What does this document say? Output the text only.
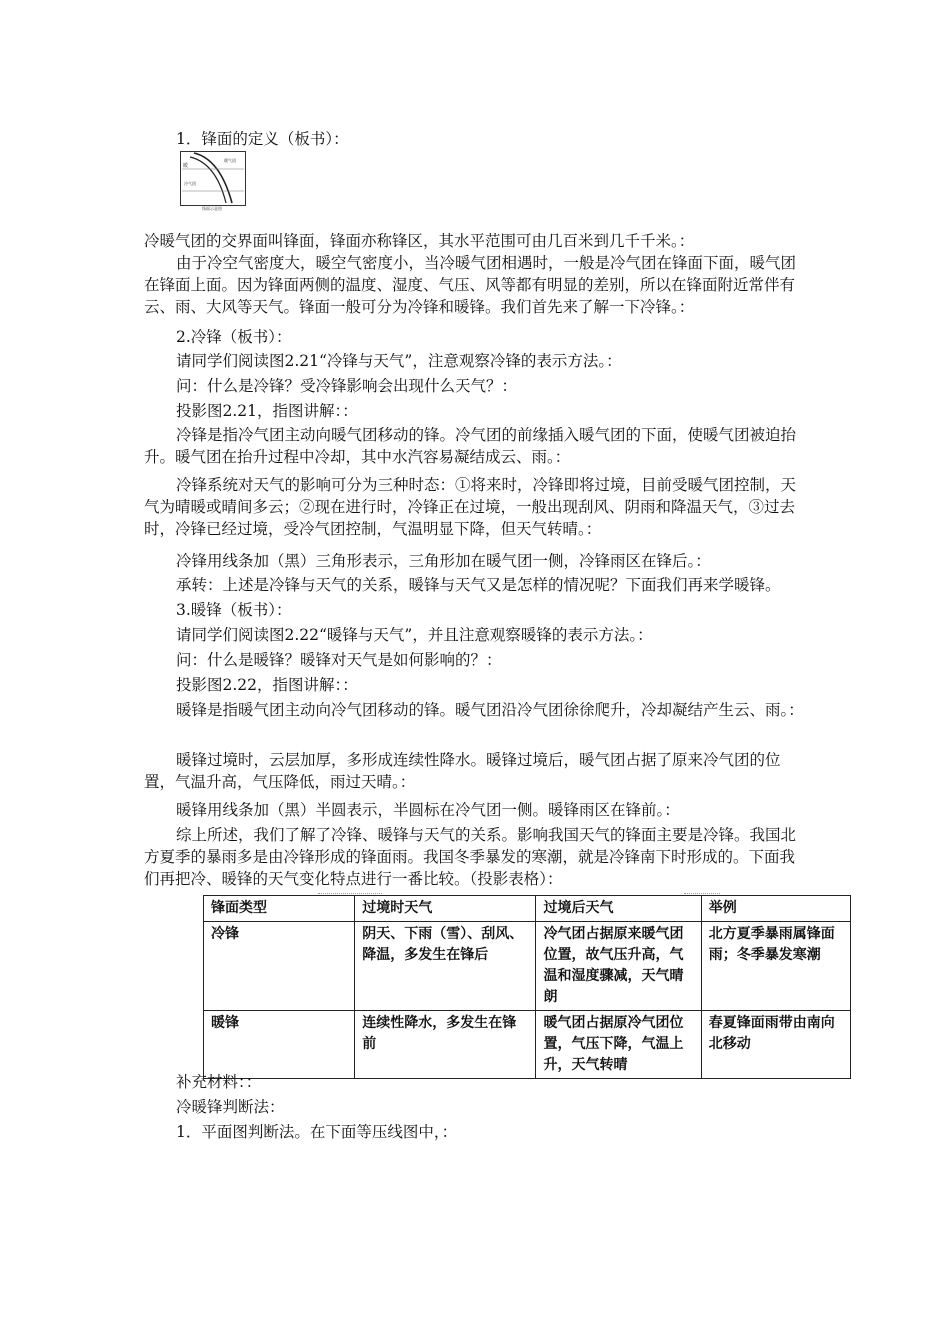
1．锋面的定义（板书）：
暖
暖气团
冷气团
锋面示意图
冷暖气团的交界面叫锋面，锋面亦称锋区，其水平范围可由几百米到几千千米。：
由于冷空气密度大，暖空气密度小，当冷暖气团相遇时，一般是冷气团在锋面下面，暖气团在锋面上面。因为锋面两侧的温度、湿度、气压、风等都有明显的差别，所以在锋面附近常伴有云、雨、大风等天气。锋面一般可分为冷锋和暖锋。我们首先来了解一下冷锋。：
2.冷锋（板书）：
请同学们阅读图2.21“冷锋与天气”，注意观察冷锋的表示方法。：
问：什么是冷锋？受冷锋影响会出现什么天气？：
投影图2.21，指图讲解：：
冷锋是指冷气团主动向暖气团移动的锋。冷气团的前缘插入暖气团的下面，使暖气团被迫抬升。暖气团在抬升过程中冷却，其中水汽容易凝结成云、雨。：
冷锋系统对天气的影响可分为三种时态：①将来时，冷锋即将过境，目前受暖气团控制，天气为晴暖或晴间多云；②现在进行时，冷锋正在过境，一般出现刮风、阴雨和降温天气，③过去时，冷锋已经过境，受冷气团控制，气温明显下降，但天气转晴。：
冷锋用线条加（黑）三角形表示，三角形加在暖气团一侧，冷锋雨区在锋后。：
承转：上述是冷锋与天气的关系，暖锋与天气又是怎样的情况呢？下面我们再来学暖锋。
3.暖锋（板书）：
请同学们阅读图2.22“暖锋与天气”，并且注意观察暖锋的表示方法。：
问：什么是暖锋？暖锋对天气是如何影响的？：
投影图2.22，指图讲解：：
暖锋是指暖气团主动向冷气团移动的锋。暖气团沿冷气团徐徐爬升，冷却凝结产生云、雨。：
暖锋过境时，云层加厚，多形成连续性降水。暖锋过境后，暖气团占据了原来冷气团的位置，气温升高，气压降低，雨过天晴。：
暖锋用线条加（黑）半圆表示，半圆标在冷气团一侧。暖锋雨区在锋前。：
综上所述，我们了解了冷锋、暖锋与天气的关系。影响我国天气的锋面主要是冷锋。我国北方夏季的暴雨多是由冷锋形成的锋面雨。我国冬季暴发的寒潮，就是冷锋南下时形成的。下面我们再把冷、暖锋的天气变化特点进行一番比较。（投影表格）：
锋面类型	过境时天气	过境后天气	举例
冷锋	阴天、下雨（雪）、刮风、降温，多发生在锋后	冷气团占据原来暖气团位置，故气压升高，气温和湿度骤减，天气晴朗	北方夏季暴雨属锋面雨；冬季暴发寒潮
暖锋	连续性降水，多发生在锋前	暖气团占据原冷气团位置，气压下降，气温上升，天气转晴	春夏锋面雨带由南向北移动
补充材料：：
冷暖锋判断法：
1．平面图判断法。在下面等压线图中，：
